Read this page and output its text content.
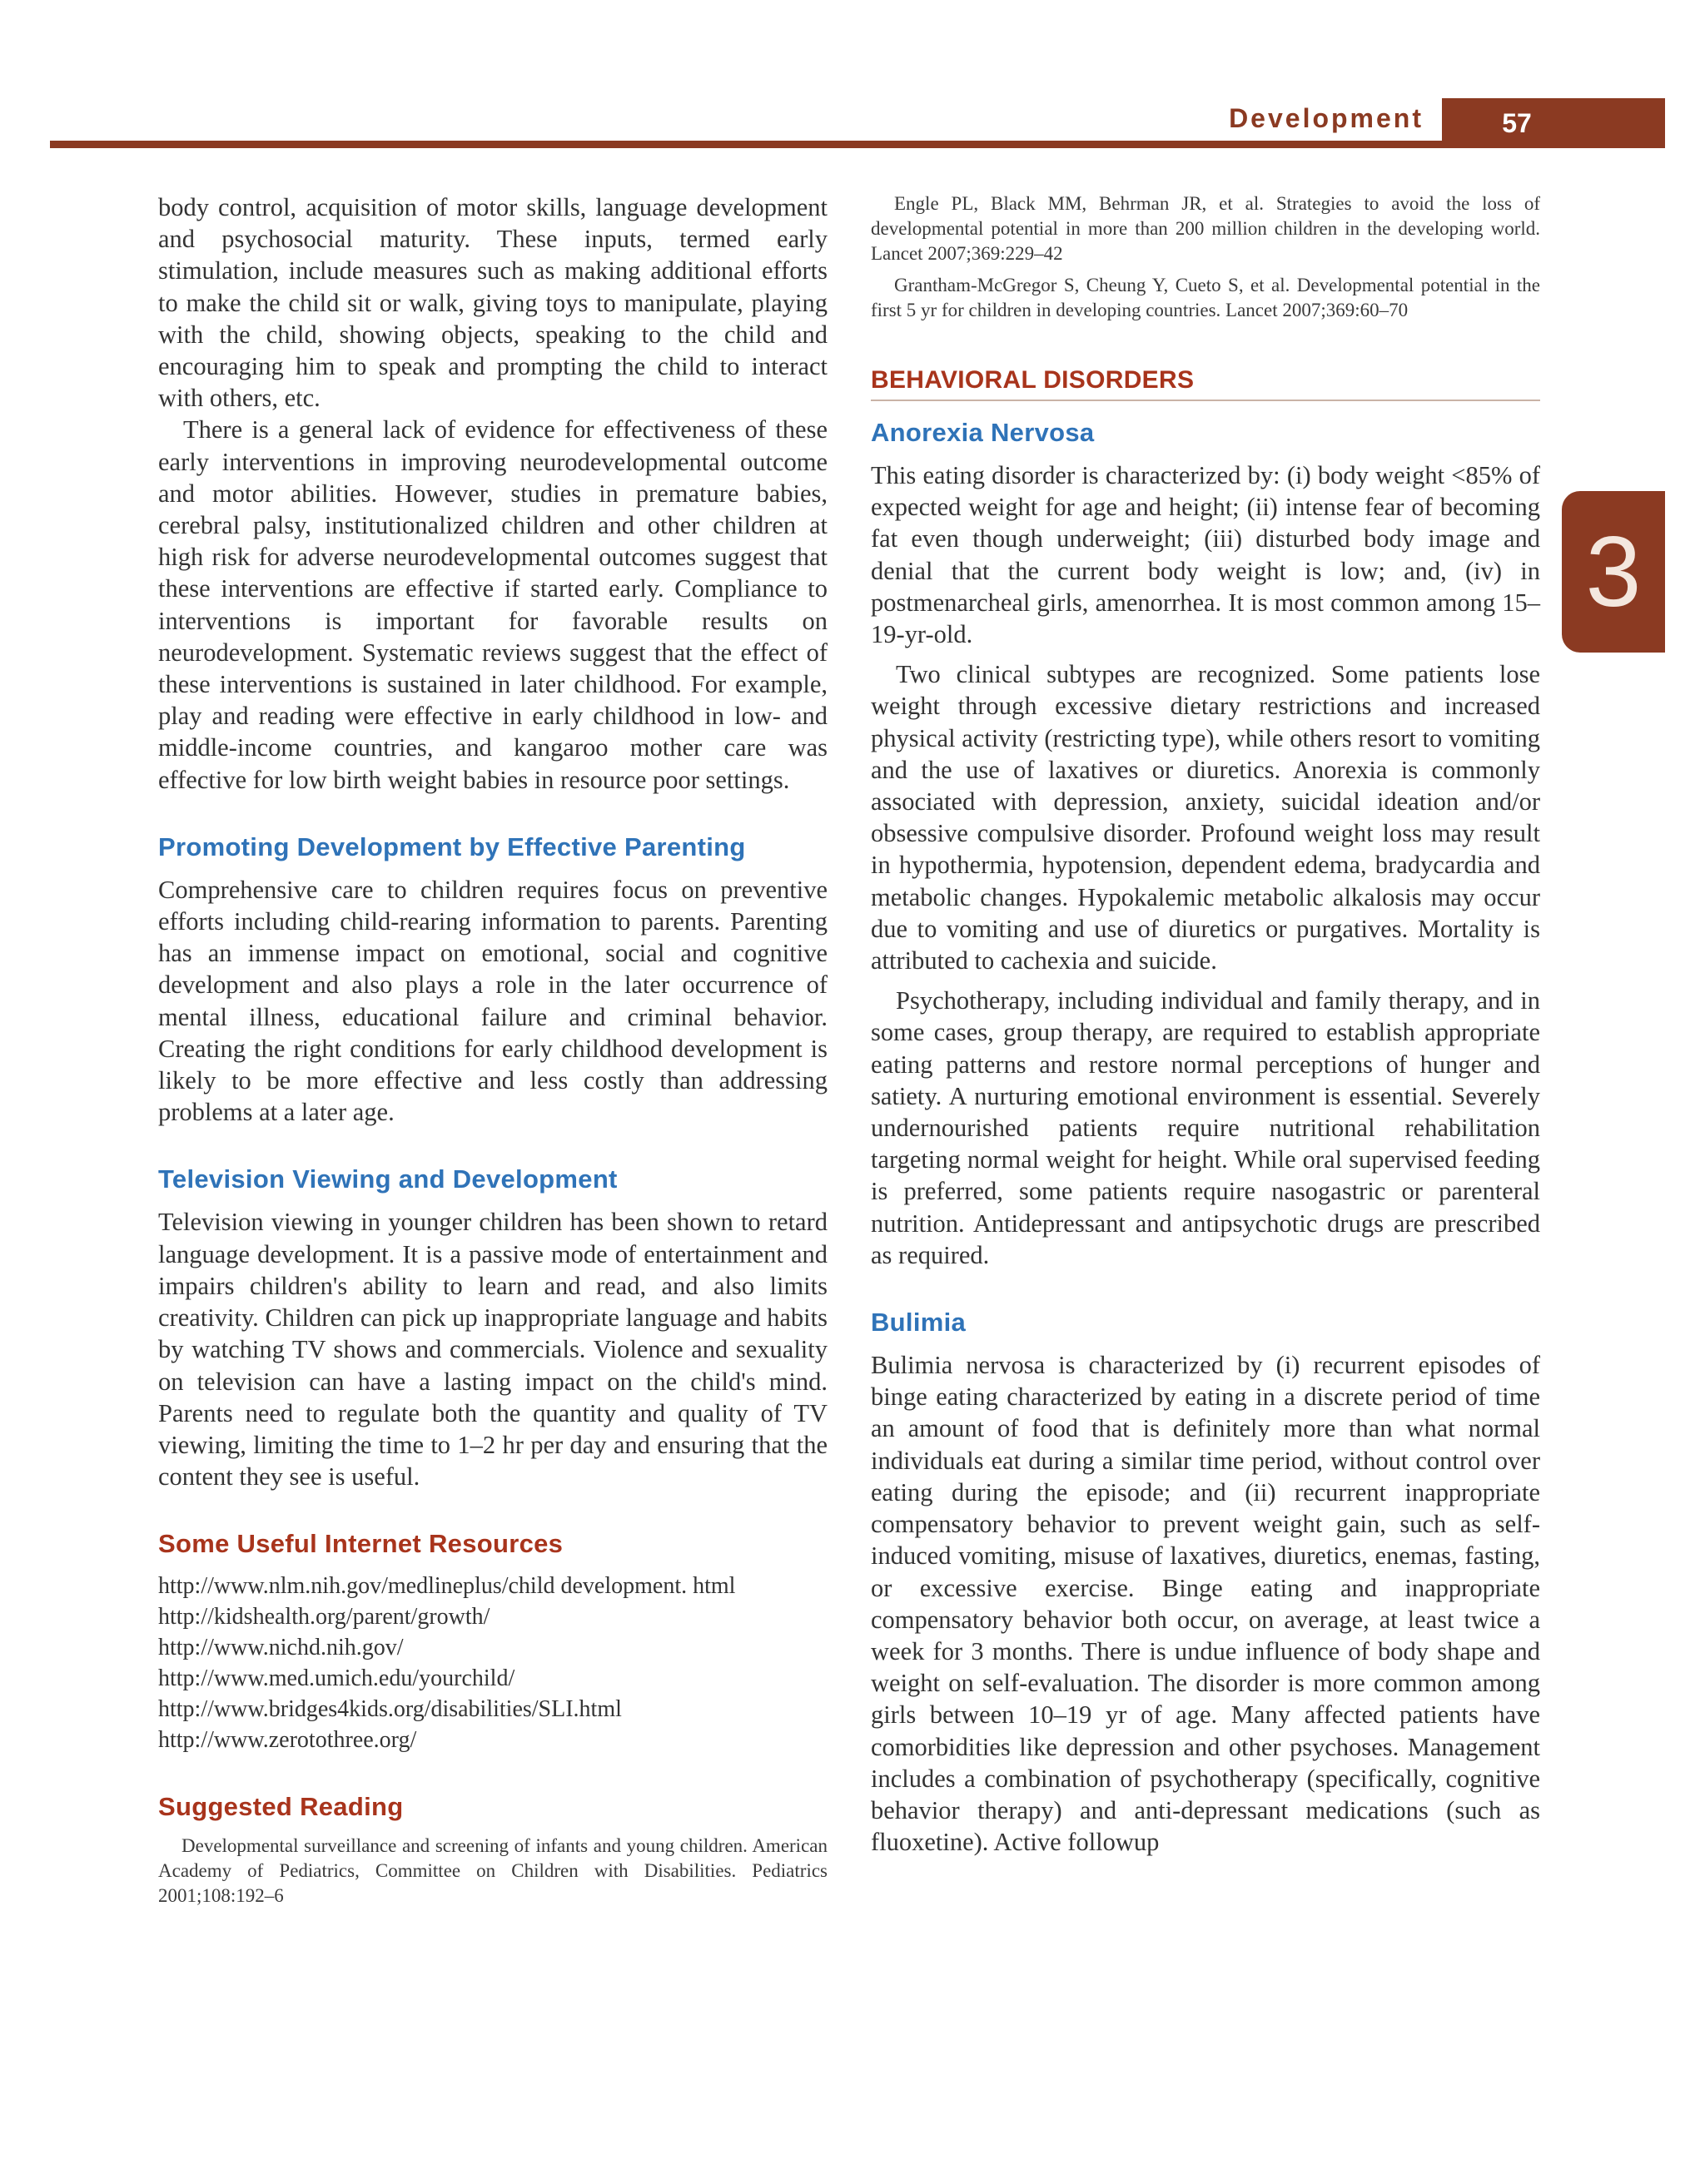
Development	57
3

body control, acquisition of motor skills, language development and psychosocial maturity. These inputs, termed early stimulation, include measures such as making additional efforts to make the child sit or walk, giving toys to manipulate, playing with the child, showing objects, speaking to the child and encouraging him to speak and prompting the child to interact with others, etc.

There is a general lack of evidence for effectiveness of these early interventions in improving neurodevelopmental outcome and motor abilities. However, studies in premature babies, cerebral palsy, institutionalized children and other children at high risk for adverse neurodevelopmental outcomes suggest that these interventions are effective if started early. Compliance to interventions is important for favorable results on neurodevelopment. Systematic reviews suggest that the effect of these interventions is sustained in later childhood. For example, play and reading were effective in early childhood in low- and middle-income countries, and kangaroo mother care was effective for low birth weight babies in resource poor settings.

Promoting Development by Effective Parenting

Comprehensive care to children requires focus on preventive efforts including child-rearing information to parents. Parenting has an immense impact on emotional, social and cognitive development and also plays a role in the later occurrence of mental illness, educational failure and criminal behavior. Creating the right conditions for early childhood development is likely to be more effective and less costly than addressing problems at a later age.

Television Viewing and Development

Television viewing in younger children has been shown to retard language development. It is a passive mode of entertainment and impairs children's ability to learn and read, and also limits creativity. Children can pick up inappropriate language and habits by watching TV shows and commercials. Violence and sexuality on television can have a lasting impact on the child's mind. Parents need to regulate both the quantity and quality of TV viewing, limiting the time to 1–2 hr per day and ensuring that the content they see is useful.

Some Useful Internet Resources
http://www.nlm.nih.gov/medlineplus/child development. html
http://kidshealth.org/parent/growth/
http://www.nichd.nih.gov/
http://www.med.umich.edu/yourchild/
http://www.bridges4kids.org/disabilities/SLI.html
http://www.zerotothree.org/
Suggested Reading

Developmental surveillance and screening of infants and young children. American Academy of Pediatrics, Committee on Children with Disabilities. Pediatrics 2001;108:192–6

Engle PL, Black MM, Behrman JR, et al. Strategies to avoid the loss of developmental potential in more than 200 million children in the developing world. Lancet 2007;369:229–42

Grantham-McGregor S, Cheung Y, Cueto S, et al. Developmental potential in the first 5 yr for children in developing countries. Lancet 2007;369:60–70

BEHAVIORAL DISORDERS
Anorexia Nervosa

This eating disorder is characterized by: (i) body weight <85% of expected weight for age and height; (ii) intense fear of becoming fat even though underweight; (iii) disturbed body image and denial that the current body weight is low; and, (iv) in postmenarcheal girls, amenorrhea. It is most common among 15–19-yr-old.

Two clinical subtypes are recognized. Some patients lose weight through excessive dietary restrictions and increased physical activity (restricting type), while others resort to vomiting and the use of laxatives or diuretics. Anorexia is commonly associated with depression, anxiety, suicidal ideation and/or obsessive compulsive disorder. Profound weight loss may result in hypothermia, hypotension, dependent edema, bradycardia and metabolic changes. Hypokalemic metabolic alkalosis may occur due to vomiting and use of diuretics or purgatives. Mortality is attributed to cachexia and suicide.

Psychotherapy, including individual and family therapy, and in some cases, group therapy, are required to establish appropriate eating patterns and restore normal perceptions of hunger and satiety. A nurturing emotional environment is essential. Severely undernourished patients require nutritional rehabilitation targeting normal weight for height. While oral supervised feeding is preferred, some patients require nasogastric or parenteral nutrition. Antidepressant and antipsychotic drugs are prescribed as required.

Bulimia

Bulimia nervosa is characterized by (i) recurrent episodes of binge eating characterized by eating in a discrete period of time an amount of food that is definitely more than what normal individuals eat during a similar time period, without control over eating during the episode; and (ii) recurrent inappropriate compensatory behavior to prevent weight gain, such as self-induced vomiting, misuse of laxatives, diuretics, enemas, fasting, or excessive exercise. Binge eating and inappropriate compensatory behavior both occur, on average, at least twice a week for 3 months. There is undue influence of body shape and weight on self-evaluation. The disorder is more common among girls between 10–19 yr of age. Many affected patients have comorbidities like depression and other psychoses. Management includes a combination of psychotherapy (specifically, cognitive behavior therapy) and anti-depressant medications (such as fluoxetine). Active followup
